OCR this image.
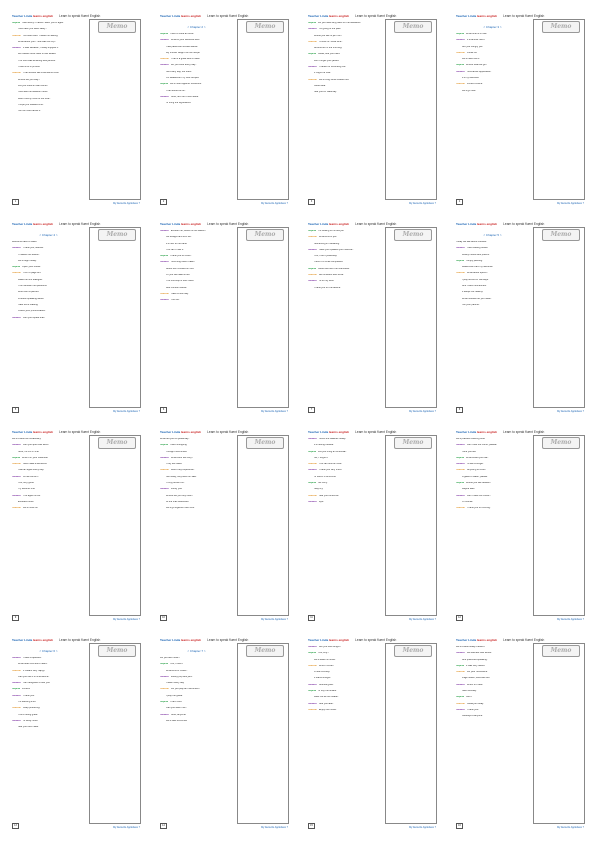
Teacher Linda learns english Learn to speak fluent English
Memo
Sophia Hello Emily! I haven't seen you in ages.
How have you been lately?
Teacher I've been well. Thanks for asking.
What about you? How was the trip?
Student It was fantastic, I really enjoyed it.
We visited three cities in two weeks.
The food was amazing everywhere.
I took a lot of photos.
Teacher That sounds like a wonderful time.
Where did you stay?
Did you book a hotel online?
How was the weather there?
Was it sunny most of the time?
I hope you relaxed a lot.
Tell me more about it.
1
My favourite Applebees ?
Teacher Linda learns english Learn to speak fluent English
Memo
< Chapter 2 >
Sophia I love to cook at home.
Student What is your favourite dish?
I like pasta with tomato sauce.
My mother taught me the recipe.
Teacher That is a great skill to have.
Student Do you cook every day?
Not every day, but often.
On weekends I try new recipes.
Sophia Let's cook together sometime.
That would be fun.
Student Sure, let's do it next week.
I'll bring the ingredients.
2
My favourite Applebees ?
Teacher Linda learns english Learn to speak fluent English
Memo
Sophia Do you have any plans for the weekend?
Student I'm going to the park.
Would you like to join me?
Teacher I'd love to. What time?
Around ten in the morning.
Sophia Great, see you there.
Don't forget your jacket.
Student Thanks for reminding me.
It might be cold.
Teacher Let's bring some snacks too.
Good idea.
See you on Saturday.
3
My favourite Applebees ?
Teacher Linda learns english Learn to speak fluent English
Memo
< Chapter 3 >
Sophia What time is it now?
Student It is almost noon.
Are you hungry yet?
Teacher A little bit.
Let's have lunch.
Sophia Where shall we go?
Student How about Applebees?
It's my favourite.
Teacher Perfect choice.
Let's go now.
4
My favourite Applebees ?
Teacher Linda learns english Learn to speak fluent English
Memo
< Chapter 4 >
Welcome back to class.
Student Thank you, teacher.
I missed this lesson.
Let's begin today.
Sophia Open your books.
Teacher Turn to page ten.
Read the first dialogue.
Then answer the questions.
Work with a partner.
Practice speaking aloud.
Take turns reading.
Check your pronunciation.
Student Can you repeat that?
5
My favourite Applebees ?
Teacher Linda learns english Learn to speak fluent English
Memo
Student Excuse me, where is the station?
Go straight and turn left.
It's next to the bank.
You can't miss it.
Sophia Thank you so much.
Student How long does it take?
About five minutes on foot.
Or you can take a bus.
The bus stop is over there.
Bus number twelve.
Teacher Have a nice day.
Student You too.
6
My favourite Applebees ?
Teacher Linda learns english Learn to speak fluent English
Memo
Sophia I'm looking for a new job.
Teacher What kind of job?
Something in marketing.
Student Have you updated your resume?
Yes, I did it yesterday.
I sent it to three companies.
Sophia Good luck with the interviews.
Teacher Be confident and smile.
Student I'll do my best.
Thank you for the advice.
7
My favourite Applebees ?
Teacher Linda learns english Learn to speak fluent English
Memo
< Chapter 5 >
Today we talk about hobbies.
Student I like reading books.
Mostly novels and poems.
Sophia I enjoy painting.
Watercolors are my favourite.
Teacher What about sports?
I play tennis on Sundays.
And I swim sometimes.
It keeps me healthy.
What hobbies do you have?
Tell your partner.
8
My favourite Applebees ?
Teacher Linda learns english Learn to speak fluent English
Memo
Let's review the vocabulary.
Student Can you spell that word?
Sure, it's A-P-P-L-E.
Sophia Write it in your notebook.
Teacher Now make a sentence.
I eat an apple every day.
Student Is that correct?
Yes, very good.
Try another one.
Student The apple is red.
Excellent work.
Teacher Let's move on.
9
My favourite Applebees ?
Teacher Linda learns english Learn to speak fluent English
Memo
What did you do yesterday?
Sophia I went shopping.
I bought new shoes.
Student What color are they?
They are black.
Teacher Were they expensive?
Not really, they were on sale.
Thirty percent off.
Student Lucky you!
Where did you buy them?
At the mall downtown.
Let's go together next time.
10
My favourite Applebees ?
Teacher Linda learns english Learn to speak fluent English
Memo
Student How's the weather today?
It's raining outside.
Sophia Did you bring an umbrella?
No, I forgot it.
Teacher You can borrow mine.
Student Thank you very much.
I'll return it tomorrow.
Sophia No hurry.
Stay dry.
Teacher See you tomorrow.
Student Bye!
11
My favourite Applebees ?
Teacher Linda learns english Learn to speak fluent English
Memo
Let's practice ordering food.
Student Can I see the menu, please?
Here you are.
Sophia What would you like?
Student I'd like a burger.
Teacher Anything to drink?
A glass of water, please.
Sophia Would you like dessert?
Maybe later.
Student Can I have the check?
Of course.
Teacher Thank you for coming.
12
My favourite Applebees ?
Teacher Linda learns english Learn to speak fluent English
Memo
< Chapter 6 >
Student I have a question.
What does this word mean?
Teacher It means very happy.
Can you use it in a sentence?
Student I am delighted to see you.
Sophia Perfect!
Student Thank you.
I'm learning a lot.
Teacher Keep practicing.
You're doing great.
Student I'll study more.
See you next class.
13
My favourite Applebees ?
Teacher Linda learns english Learn to speak fluent English
Memo
< Chapter 7 >
Do you like music?
Sophia Yes, I love it.
What kind of music?
Student Mostly pop and jazz.
I listen every day.
Teacher Do you play an instrument?
I play the guitar.
Sophia That's cool.
Can you teach me?
Student Sure, anytime.
Let's start tomorrow.
14
My favourite Applebees ?
Teacher Linda learns english Learn to speak fluent English
Memo
Student Are you free tonight?
Sophia Yes, why?
Let's watch a movie.
Teacher Which movie?
A new comedy.
It starts at eight.
Student Sounds good.
Sophia I'll buy the tickets.
Meet me at the theater.
Student See you later.
Teacher Enjoy the movie.
15
My favourite Applebees ?
Teacher Linda learns english Learn to speak fluent English
Memo
Let's review today's lesson.
Student We learned new words.
And practiced speaking.
Sophia It was very useful.
Teacher Do your homework.
Page fifteen, exercise two.
Student When is it due?
Next Monday.
Sophia Got it.
Teacher Great job today.
Student Thank you!
Goodbye everyone.
16
My favourite Applebees ?
